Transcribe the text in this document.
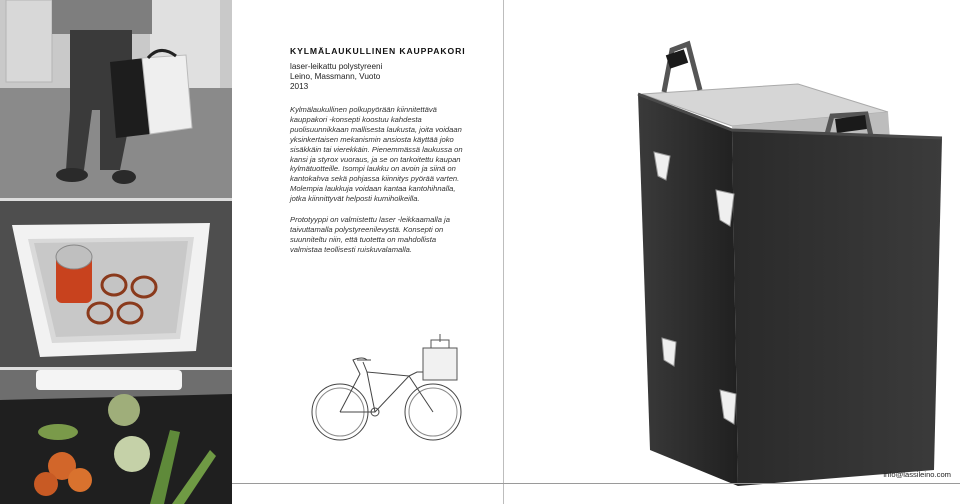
KYLMÄLAUKULLINEN KAUPPAKORI
laser-leikattu polystyreeni
Leino, Massmann, Vuoto
2013

Kylmälaukullinen polkupyörään kiinnitettävä kauppakori -konsepti koostuu kahdesta puolisuunnikkaan mallisesta laukusta, joita voidaan yksinkertaisen mekanismin ansiosta käyttää joko sisäkkäin tai vierekkäin. Pienemmässä laukussa on kansi ja styrox vuoraus, ja se on tarkoitettu kaupan kylmätuotteille. Isompi laukku on avoin ja siinä on kantokahva sekä pohjassa kiinnitys pyörää varten. Molempia laukkuja voidaan kantaa kantohihnalla, jotka kiinnittyvät helposti kumiholkeilla.

Prototyyppi on valmistettu laser -leikkaamalla ja taivuttamalla polystyreenilevystä. Konsepti on suunniteltu niin, että tuotetta on mahdollista valmistaa teollisesti ruiskuvalamalla.

info@lassileino.com
